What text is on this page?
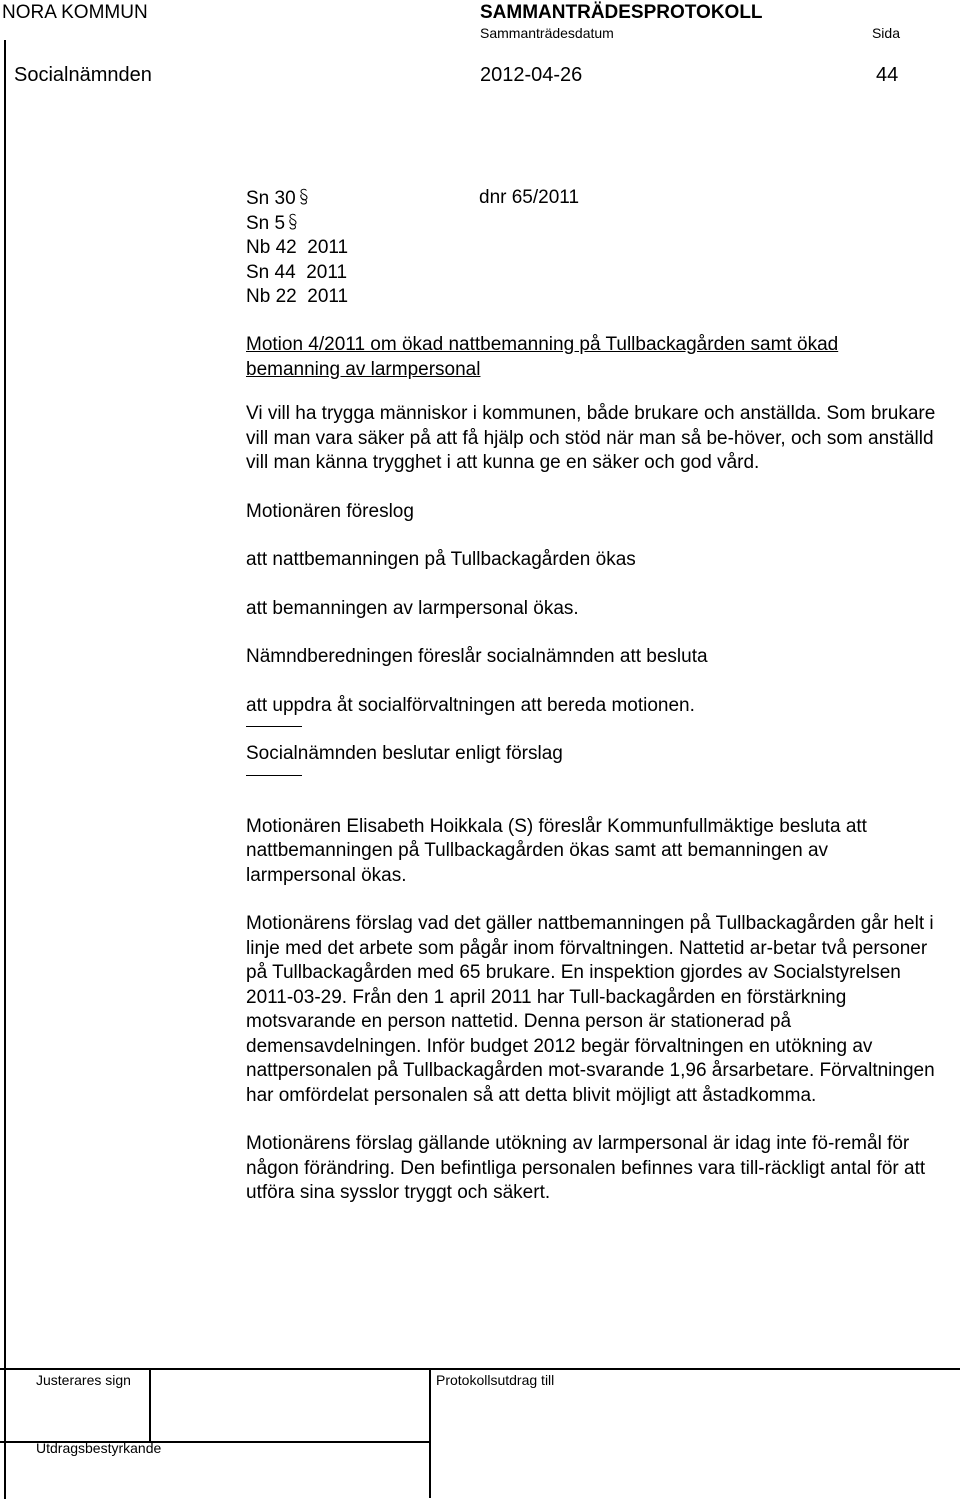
NORA KOMMUN	SAMMANTRÄDESPROTOKOLL
Sammanträdesdatum	Sida
Socialnämnden	2012-04-26	44
Sn 30
Sn 5
Nb 42  2011
Sn 44  2011
Nb 22  2011
dnr 65/2011

Motion 4/2011 om ökad nattbemanning på Tullbackagården samt ökad bemanning av larmpersonal

Vi vill ha trygga människor i kommunen, både brukare och anställda. Som brukare vill man vara säker på att få hjälp och stöd när man så be-höver, och som anställd vill man känna trygghet i att kunna ge en säker och god vård.

Motionären föreslog

att nattbemanningen på Tullbackagården ökas

att bemanningen av larmpersonal ökas.

Nämndberedningen föreslår socialnämnden att besluta

att uppdra åt socialförvaltningen att bereda motionen.

Socialnämnden beslutar enligt förslag

Motionären Elisabeth Hoikkala (S) föreslår Kommunfullmäktige besluta att nattbemanningen på Tullbackagården ökas samt att bemanningen av larmpersonal ökas.

Motionärens förslag vad det gäller nattbemanningen på Tullbackagården går helt i linje med det arbete som pågår inom förvaltningen. Nattetid ar-betar två personer på Tullbackagården med 65 brukare. En inspektion gjordes av Socialstyrelsen 2011-03-29. Från den 1 april 2011 har Tull-backagården en förstärkning motsvarande en person nattetid. Denna person är stationerad på demensavdelningen. Inför budget 2012 begär förvaltningen en utökning av nattpersonalen på Tullbackagården mot-svarande 1,96 årsarbetare. Förvaltningen har omfördelat personalen så att detta blivit möjligt att åstadkomma.

Motionärens förslag gällande utökning av larmpersonal är idag inte fö-remål för någon förändring. Den befintliga personalen befinnes vara till-räckligt antal för att utföra sina sysslor tryggt och säkert.

Justerares sign	Protokollsutdrag till
Utdragsbestyrkande
